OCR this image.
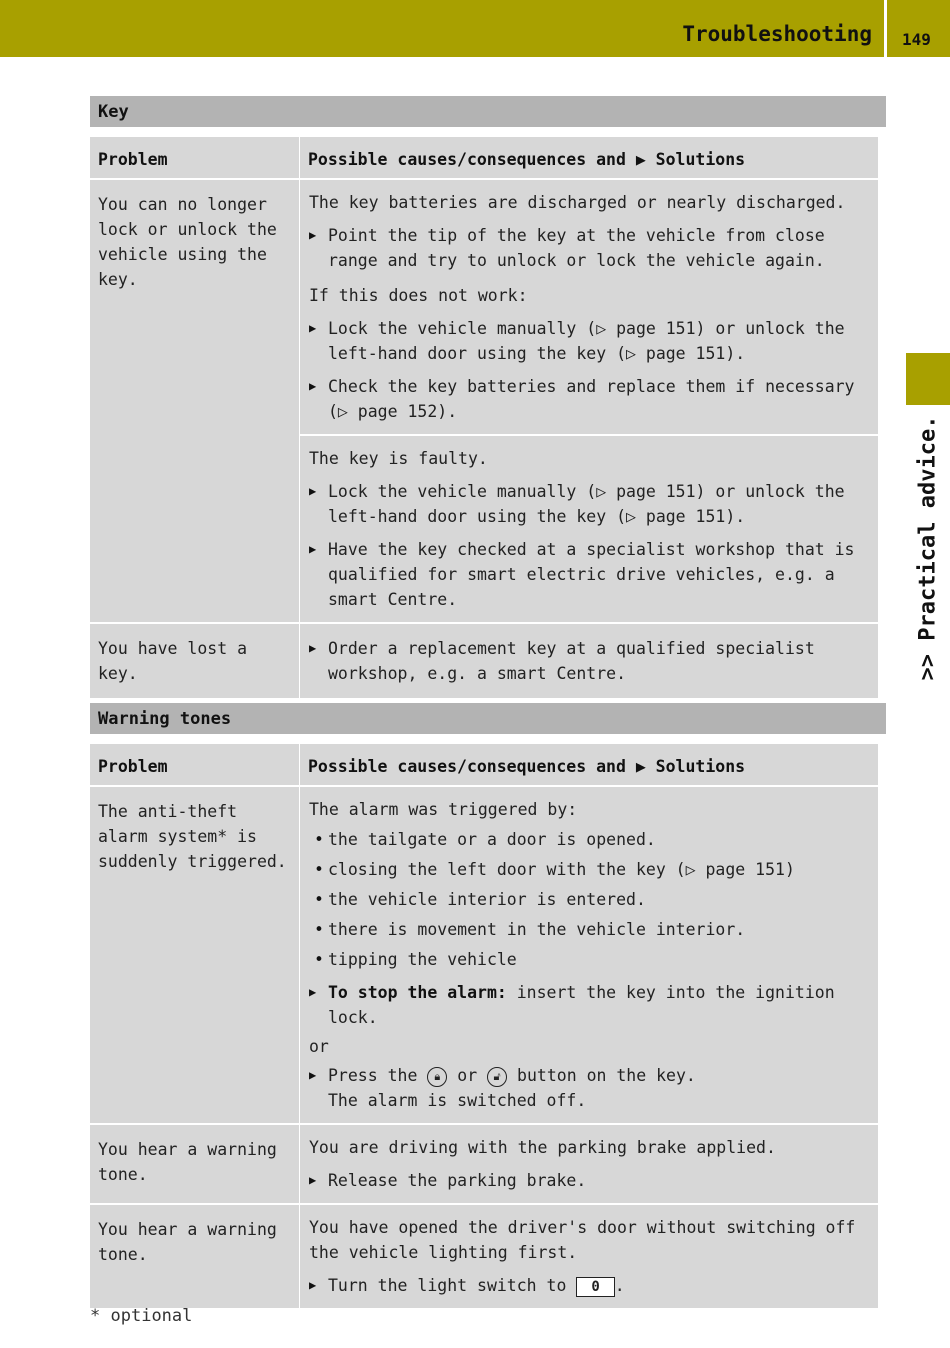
Troubleshooting 149
>> Practical advice.
Key
Problem	Possible causes/consequences and ▶ Solutions
You can no longer lock or unlock the vehicle using the key.
The key batteries are discharged or nearly discharged.
▶ Point the tip of the key at the vehicle from close range and try to unlock or lock the vehicle again.
If this does not work:
▶ Lock the vehicle manually (▷ page 151) or unlock the left-hand door using the key (▷ page 151).
▶ Check the key batteries and replace them if necessary (▷ page 152).
The key is faulty.
▶ Lock the vehicle manually (▷ page 151) or unlock the left-hand door using the key (▷ page 151).
▶ Have the key checked at a specialist workshop that is qualified for smart electric drive vehicles, e.g. a smart Centre.
You have lost a key.
▶ Order a replacement key at a qualified specialist workshop, e.g. a smart Centre.
Warning tones
Problem	Possible causes/consequences and ▶ Solutions
The anti-theft alarm system* is suddenly triggered.
The alarm was triggered by:
• the tailgate or a door is opened.
• closing the left door with the key (▷ page 151)
• the vehicle interior is entered.
• there is movement in the vehicle interior.
• tipping the vehicle
▶ To stop the alarm: insert the key into the ignition lock.
or
▶ Press the 🔒︎ or 🔓︎ button on the key.
The alarm is switched off.
You hear a warning tone.
You are driving with the parking brake applied.
▶ Release the parking brake.
You hear a warning tone.
You have opened the driver's door without switching off the vehicle lighting first.
▶ Turn the light switch to 0 .
* optional
